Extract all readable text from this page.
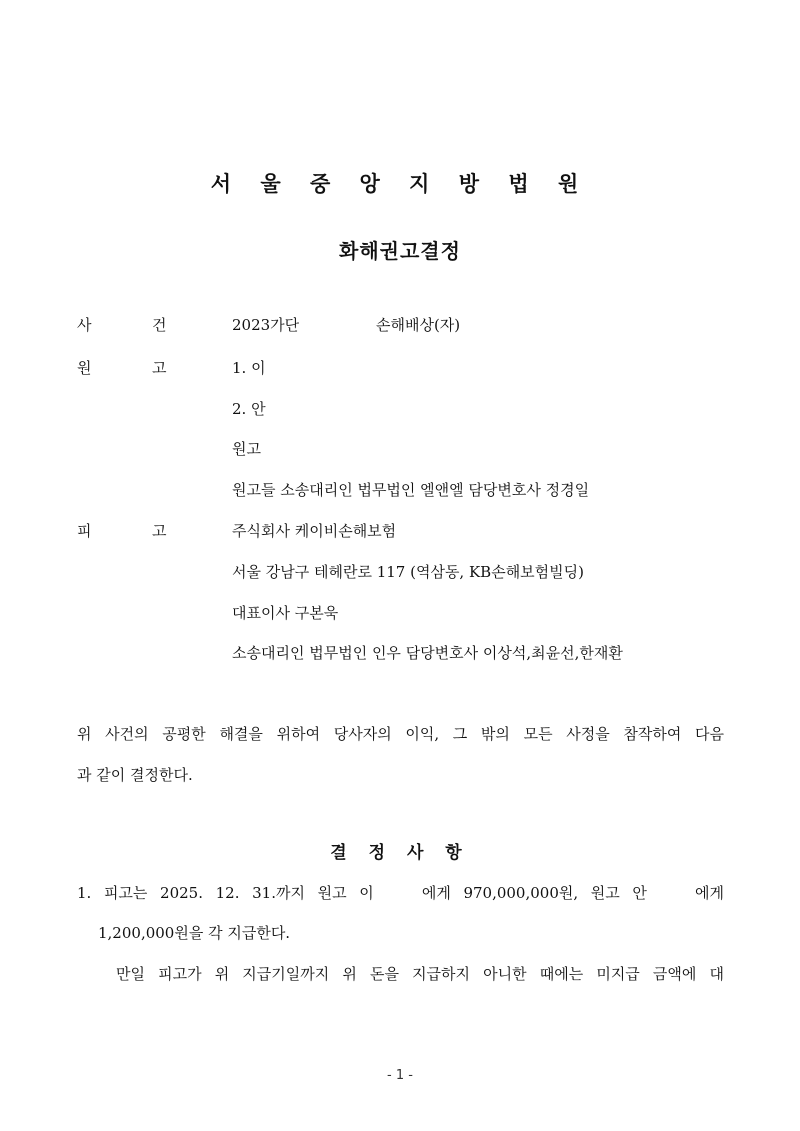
서 울 중 앙 지 방 법 원
화해권고결정
사	건	2023가단	손해배상(자)
원	고	1. 이
2. 안
원고
원고들 소송대리인 법무법인 엘앤엘 담당변호사 정경일
피	고	주식회사 케이비손해보험
서울 강남구 테헤란로 117 (역삼동, KB손해보험빌딩)
대표이사 구본욱
소송대리인 법무법인 인우 담당변호사 이상석,최윤선,한재환
위 사건의 공평한 해결을 위하여 당사자의 이익, 그 밖의 모든 사정을 참작하여 다음
과 같이 결정한다.
결 정 사 항
1. 피고는 2025. 12. 31.까지 원고 이 　 에게 970,000,000원, 원고 안 　 에게
1,200,000원을 각 지급한다.
만일 피고가 위 지급기일까지 위 돈을 지급하지 아니한 때에는 미지급 금액에 대
- 1 -
